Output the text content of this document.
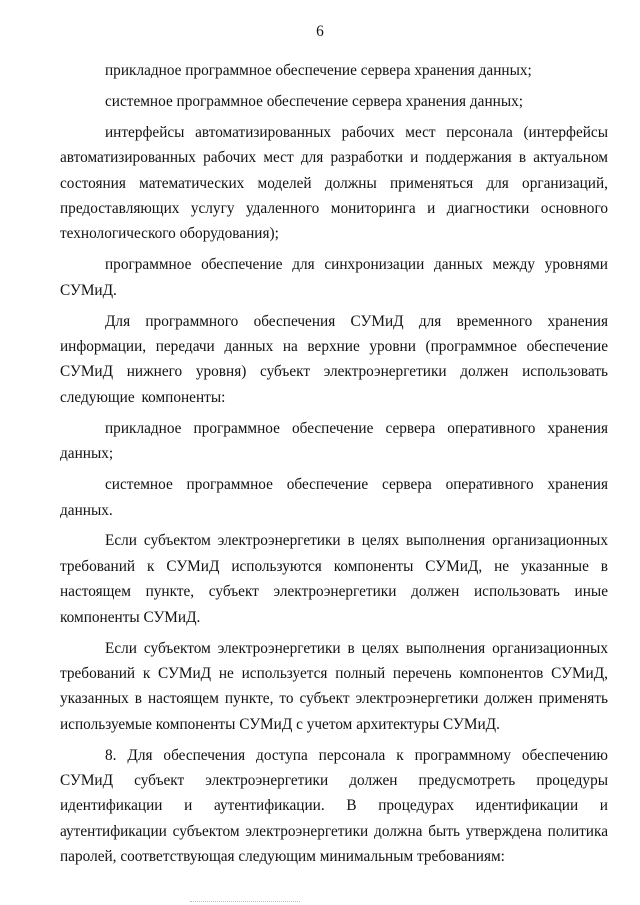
6

прикладное программное обеспечение сервера хранения данных;

системное программное обеспечение сервера хранения данных;

интерфейсы автоматизированных рабочих мест персонала (интерфейсы автоматизированных рабочих мест для разработки и поддержания в актуальном состояния математических моделей должны применяться для организаций, предоставляющих услугу удаленного мониторинга и диагностики основного технологического оборудования);

программное обеспечение для синхронизации данных между уровнями СУМиД.

Для программного обеспечения СУМиД для временного хранения информации, передачи данных на верхние уровни (программное обеспечение СУМиД нижнего уровня) субъект электроэнергетики должен использовать следующие компоненты:

прикладное программное обеспечение сервера оперативного хранения данных;

системное программное обеспечение сервера оперативного хранения данных.

Если субъектом электроэнергетики в целях выполнения организационных требований к СУМиД используются компоненты СУМиД, не указанные в настоящем пункте, субъект электроэнергетики должен использовать иные компоненты СУМиД.

Если субъектом электроэнергетики в целях выполнения организационных требований к СУМиД не используется полный перечень компонентов СУМиД, указанных в настоящем пункте, то субъект электроэнергетики должен применять используемые компоненты СУМиД с учетом архитектуры СУМиД.

8. Для обеспечения доступа персонала к программному обеспечению СУМиД субъект электроэнергетики должен предусмотреть процедуры идентификации и аутентификации. В процедурах идентификации и аутентификации субъектом электроэнергетики должна быть утверждена политика паролей, соответствующая следующим минимальным требованиям:
